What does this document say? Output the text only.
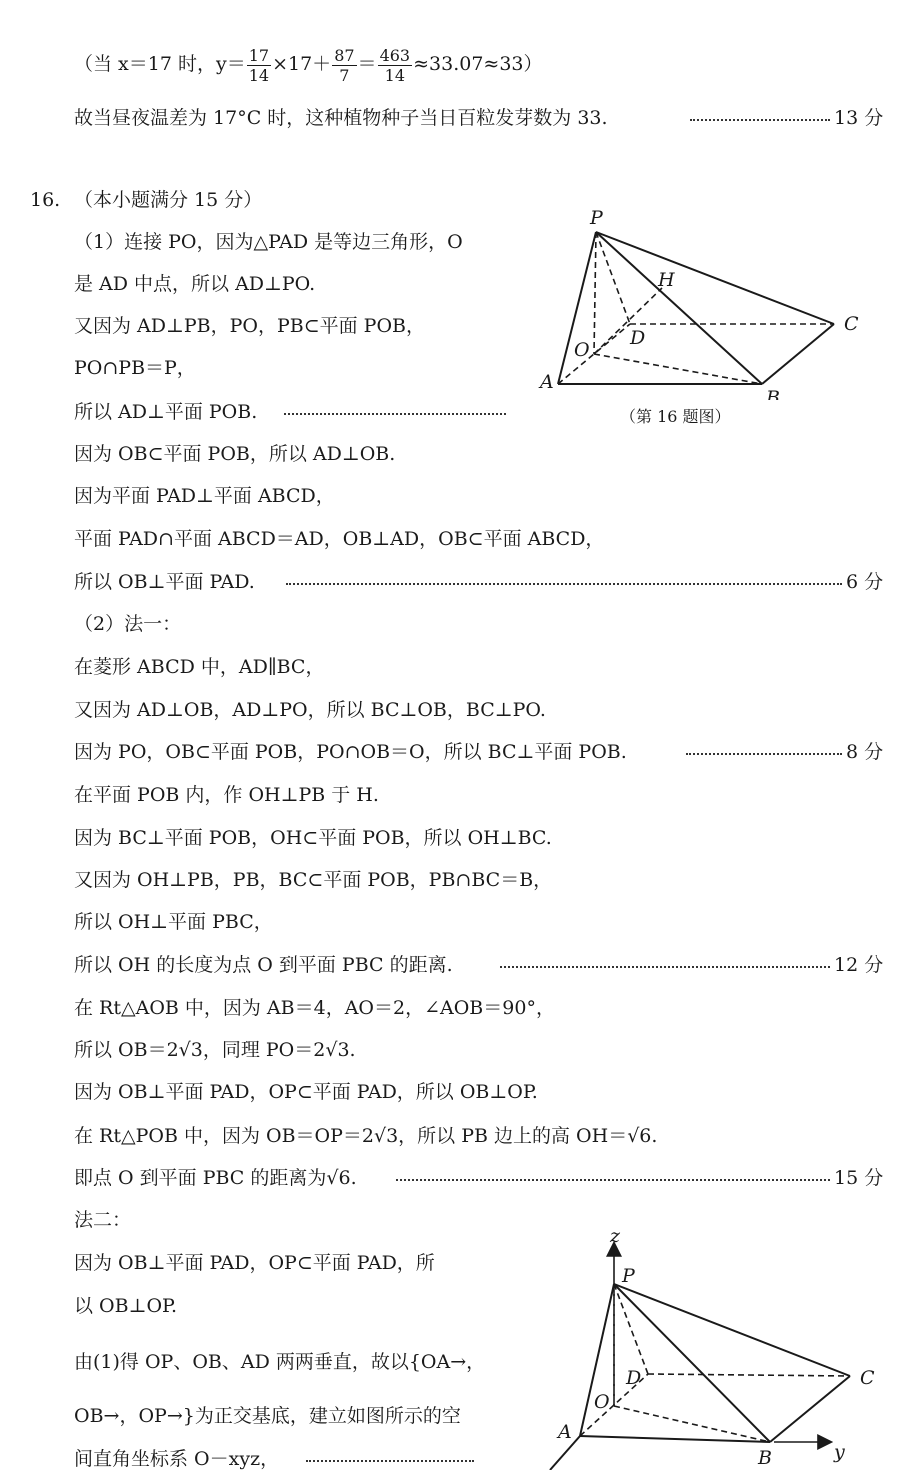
（当 x＝17 时，$y= \frac{17}{14} \times 17+ \frac{87}{7} = \frac{463}{14} \approx 33.07\approx 33$）
故当昼夜温差为 17°C 时，这种植物种子当日百粒发芽数为 33.	13 分
16. （本小题满分 15 分）
（1）连接 PO，因为△PAD 是等边三角形，O
是 AD 中点，所以 AD⊥PO.
又因为 AD⊥PB，PO，PB⊂平面 POB，
PO∩PB＝P，
所以 AD⊥平面 POB.
因为 OB⊂平面 POB，所以 AD⊥OB.
因为平面 PAD⊥平面 ABCD，
平面 PAD∩平面 ABCD＝AD，OB⊥AD，OB⊂平面 ABCD，
所以 OB⊥平面 PAD.	6 分
（2）法一：
在菱形 ABCD 中，AD∥BC，
又因为 AD⊥OB，AD⊥PO，所以 BC⊥OB，BC⊥PO.
因为 PO，OB⊂平面 POB，PO∩OB＝O，所以 BC⊥平面 POB.	8 分
在平面 POB 内，作 OH⊥PB 于 H.
因为 BC⊥平面 POB，OH⊂平面 POB，所以 OH⊥BC.
又因为 OH⊥PB，PB，BC⊂平面 POB，PB∩BC＝B，
所以 OH⊥平面 PBC，
所以 OH 的长度为点 O 到平面 PBC 的距离.	12 分
在 Rt△AOB 中，因为 AB＝4，AO＝2，∠AOB＝90°，
所以 OB＝2√3，同理 PO＝2√3.
因为 OB⊥平面 PAD，OP⊂平面 PAD，所以 OB⊥OP.
在 Rt△POB 中，因为 OB＝OP＝2√3，所以 PB 边上的高 OH＝√6.
即点 O 到平面 PBC 的距离为√6.	15 分
法二：
因为 OB⊥平面 PAD，OP⊂平面 PAD，所
以 OB⊥OP.
由(1)得 OP、OB、AD 两两垂直，故以{OA→，
OB→，OP→}为正交基底，建立如图所示的空
间直角坐标系 O－xyz，
P
H
C
D
O
A
B
（第 16 题图）
z
P
D	C
O
A
B	y
